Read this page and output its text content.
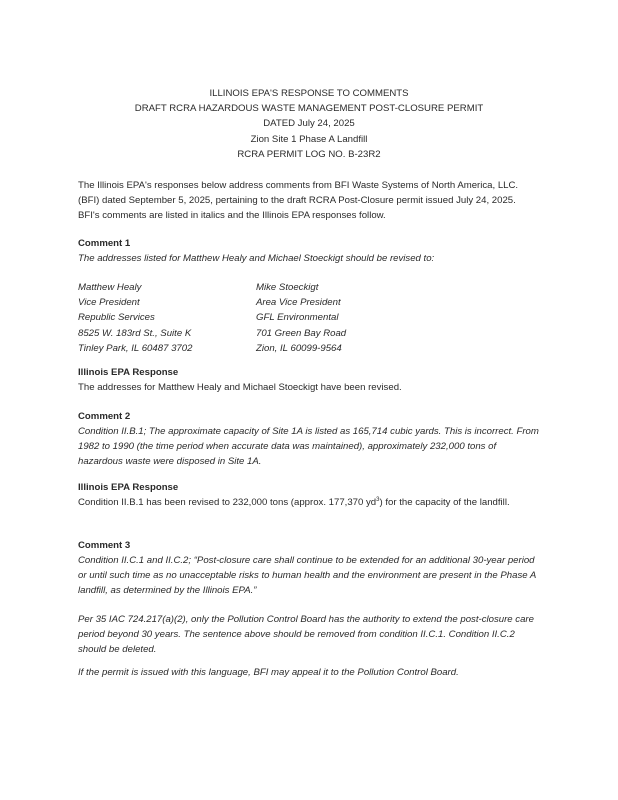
ILLINOIS EPA'S RESPONSE TO COMMENTS
DRAFT RCRA HAZARDOUS WASTE MANAGEMENT POST-CLOSURE PERMIT
DATED July 24, 2025
Zion Site 1 Phase A Landfill
RCRA PERMIT LOG NO. B-23R2
The Illinois EPA's responses below address comments from BFI Waste Systems of North America, LLC. (BFI) dated September 5, 2025, pertaining to the draft RCRA Post-Closure permit issued July 24, 2025. BFI's comments are listed in italics and the Illinois EPA responses follow.
Comment 1
The addresses listed for Matthew Healy and Michael Stoeckigt should be revised to:
Matthew Healy
Vice President
Republic Services
8525 W. 183rd St., Suite K
Tinley Park, IL 60487 3702
Mike Stoeckigt
Area Vice President
GFL Environmental
701 Green Bay Road
Zion, IL 60099-9564
Illinois EPA Response
The addresses for Matthew Healy and Michael Stoeckigt have been revised.
Comment 2
Condition II.B.1; The approximate capacity of Site 1A is listed as 165,714 cubic yards. This is incorrect. From 1982 to 1990 (the time period when accurate data was maintained), approximately 232,000 tons of hazardous waste were disposed in Site 1A.
Illinois EPA Response
Condition II.B.1 has been revised to 232,000 tons (approx. 177,370 $yd^3$) for the capacity of the landfill.
Comment 3
Condition II.C.1 and II.C.2; “Post-closure care shall continue to be extended for an additional 30-year period or until such time as no unacceptable risks to human health and the environment are present in the Phase A landfill, as determined by the Illinois EPA.”
Per 35 IAC 724.217(a)(2), only the Pollution Control Board has the authority to extend the post-closure care period beyond 30 years. The sentence above should be removed from condition II.C.1. Condition II.C.2 should be deleted.
If the permit is issued with this language, BFI may appeal it to the Pollution Control Board.
